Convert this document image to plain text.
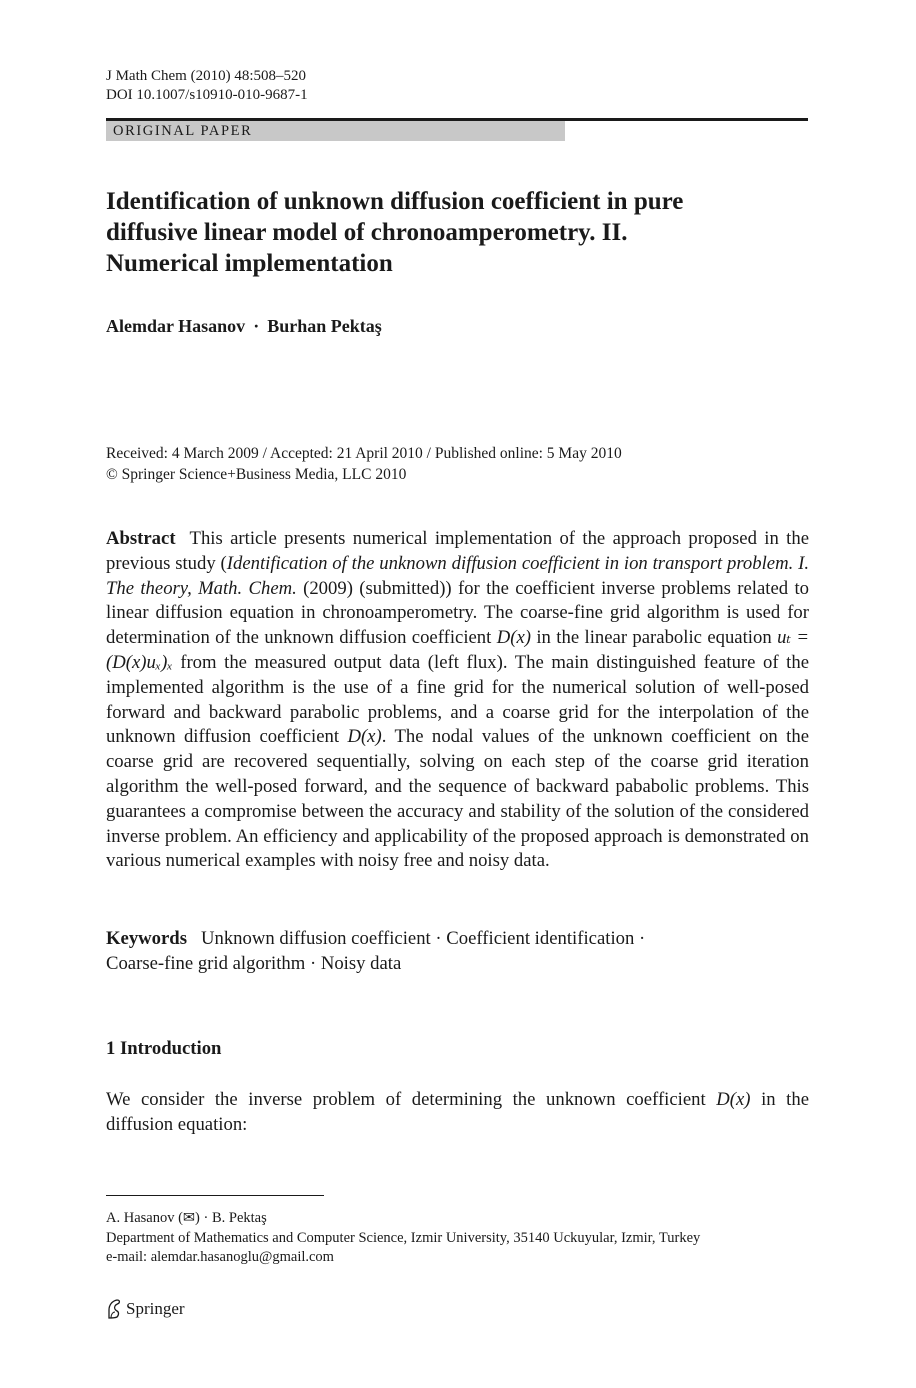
J Math Chem (2010) 48:508–520
DOI 10.1007/s10910-010-9687-1
ORIGINAL PAPER
Identification of unknown diffusion coefficient in pure
diffusive linear model of chronoamperometry. II.
Numerical implementation
Alemdar Hasanov · Burhan Pektaş
Received: 4 March 2009 / Accepted: 21 April 2010 / Published online: 5 May 2010
© Springer Science+Business Media, LLC 2010
Abstract This article presents numerical implementation of the approach proposed in the previous study (Identification of the unknown diffusion coefficient in ion transport problem. I. The theory, Math. Chem. (2009) (submitted)) for the coefficient inverse problems related to linear diffusion equation in chronoamperometry. The coarse-fine grid algorithm is used for determination of the unknown diffusion coefficient D(x) in the linear parabolic equation uₜ = (D(x)uₓ)ₓ from the measured output data (left flux). The main distinguished feature of the implemented algorithm is the use of a fine grid for the numerical solution of well-posed forward and backward parabolic problems, and a coarse grid for the interpolation of the unknown diffusion coefficient D(x). The nodal values of the unknown coefficient on the coarse grid are recovered sequentially, solving on each step of the coarse grid iteration algorithm the well-posed forward, and the sequence of backward pababolic problems. This guarantees a compromise between the accuracy and stability of the solution of the considered inverse problem. An efficiency and applicability of the proposed approach is demonstrated on various numerical examples with noisy free and noisy data.
Keywords Unknown diffusion coefficient · Coefficient identification ·
Coarse-fine grid algorithm · Noisy data
1 Introduction
We consider the inverse problem of determining the unknown coefficient D(x) in the diffusion equation:
A. Hasanov (✉) · B. Pektaş
Department of Mathematics and Computer Science, Izmir University, 35140 Uckuyular, Izmir, Turkey
e-mail: alemdar.hasanoglu@gmail.com
Springer
